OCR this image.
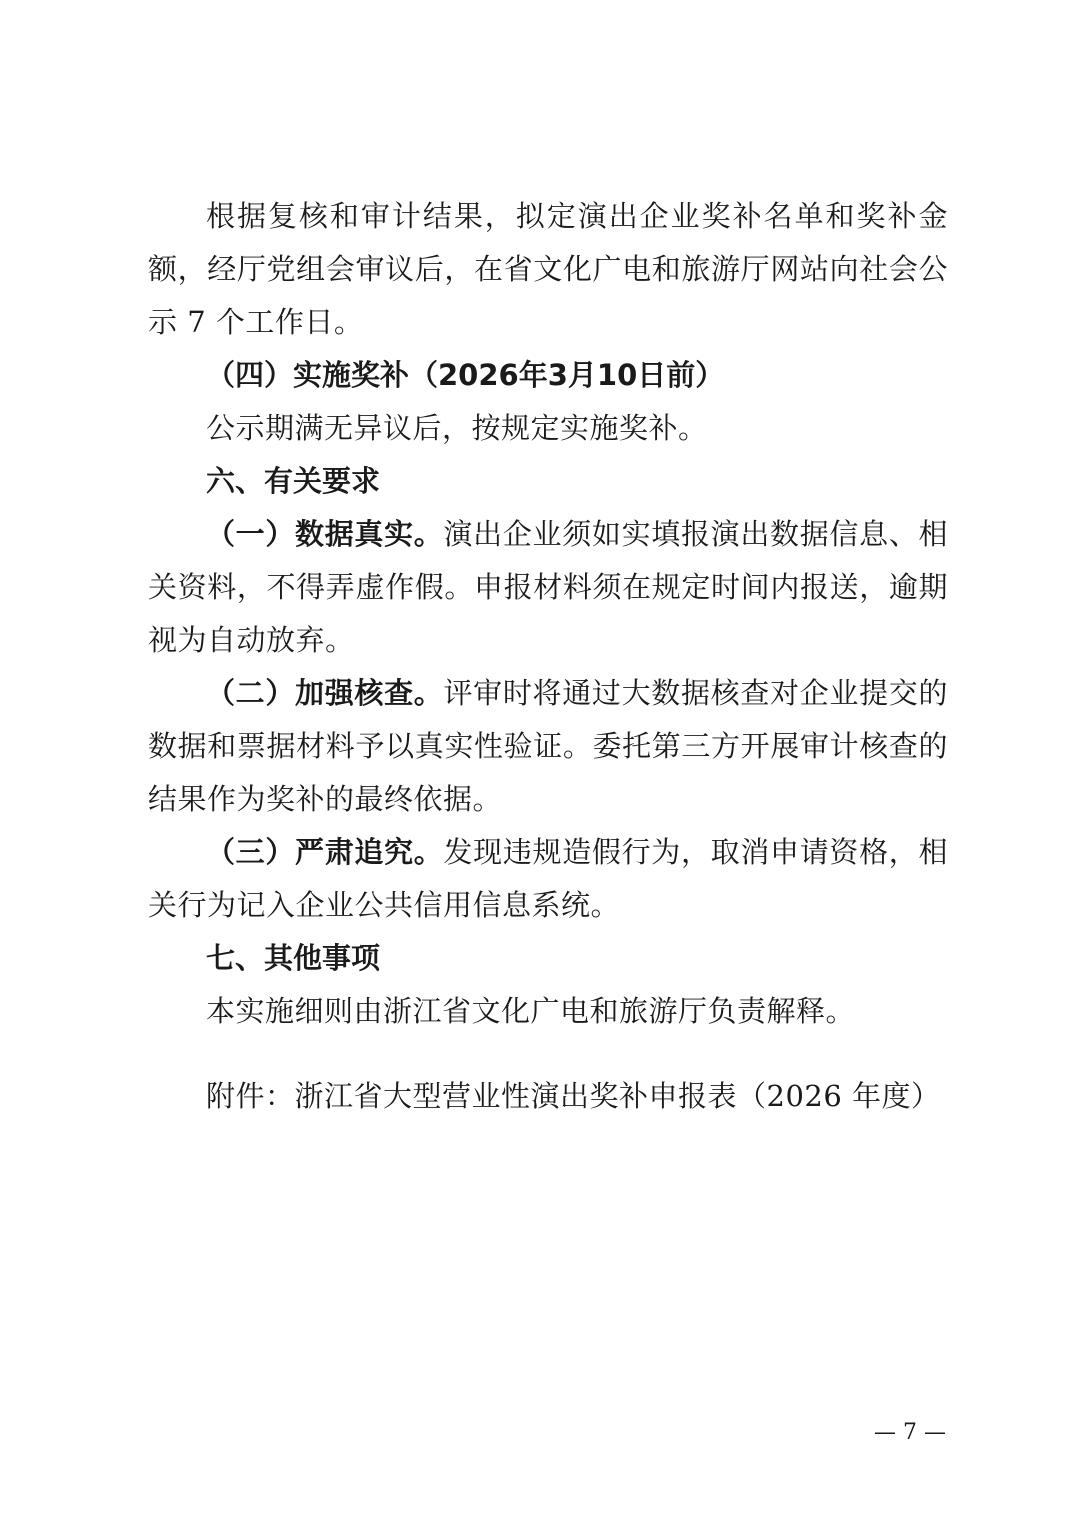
根据复核和审计结果，拟定演出企业奖补名单和奖补金额，经厅党组会审议后，在省文化广电和旅游厅网站向社会公示 7 个工作日。

（四）实施奖补（2026年3月10日前）

公示期满无异议后，按规定实施奖补。

六、有关要求

（一）数据真实。演出企业须如实填报演出数据信息、相关资料，不得弄虚作假。申报材料须在规定时间内报送，逾期视为自动放弃。

（二）加强核查。评审时将通过大数据核查对企业提交的数据和票据材料予以真实性验证。委托第三方开展审计核查的结果作为奖补的最终依据。

（三）严肃追究。发现违规造假行为，取消申请资格，相关行为记入企业公共信用信息系统。

七、其他事项

本实施细则由浙江省文化广电和旅游厅负责解释。

附件：浙江省大型营业性演出奖补申报表（2026 年度）

— 7 —
